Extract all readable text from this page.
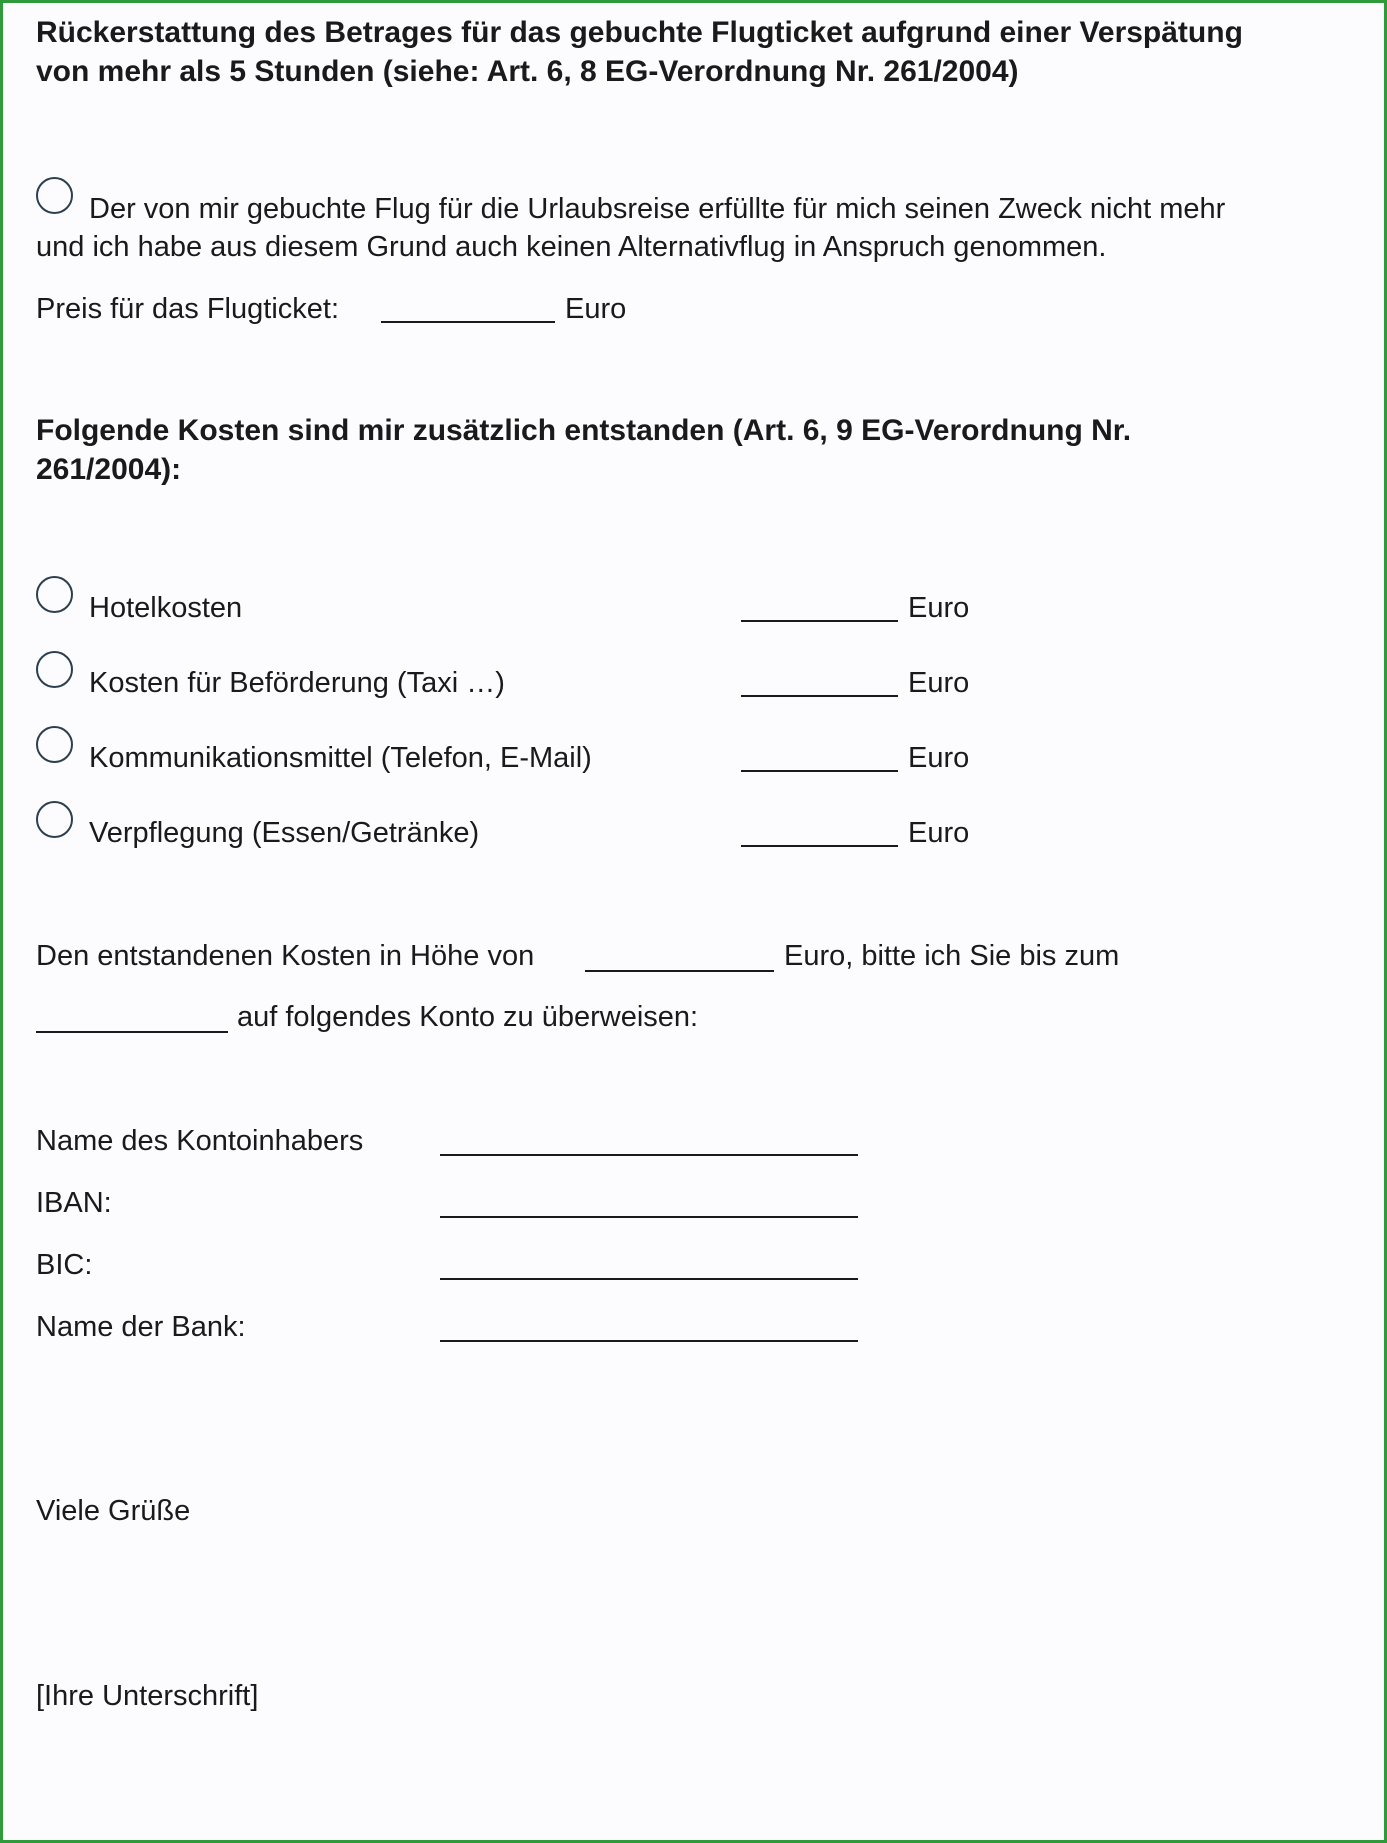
Rückerstattung des Betrages für das gebuchte Flugticket aufgrund einer Verspätung
von mehr als 5 Stunden (siehe: Art. 6, 8 EG-Verordnung Nr. 261/2004)
Der von mir gebuchte Flug für die Urlaubsreise erfüllte für mich seinen Zweck nicht mehr
und ich habe aus diesem Grund auch keinen Alternativflug in Anspruch genommen.
Preis für das Flugticket:	Euro
Folgende Kosten sind mir zusätzlich entstanden (Art. 6, 9 EG-Verordnung Nr.
261/2004):
Hotelkosten	Euro
Kosten für Beförderung (Taxi …)	Euro
Kommunikationsmittel (Telefon, E-Mail)	Euro
Verpflegung (Essen/Getränke)	Euro
Den entstandenen Kosten in Höhe von	Euro, bitte ich Sie bis zum
auf folgendes Konto zu überweisen:
Name des Kontoinhabers
IBAN:
BIC:
Name der Bank:
Viele Grüße
[Ihre Unterschrift]
